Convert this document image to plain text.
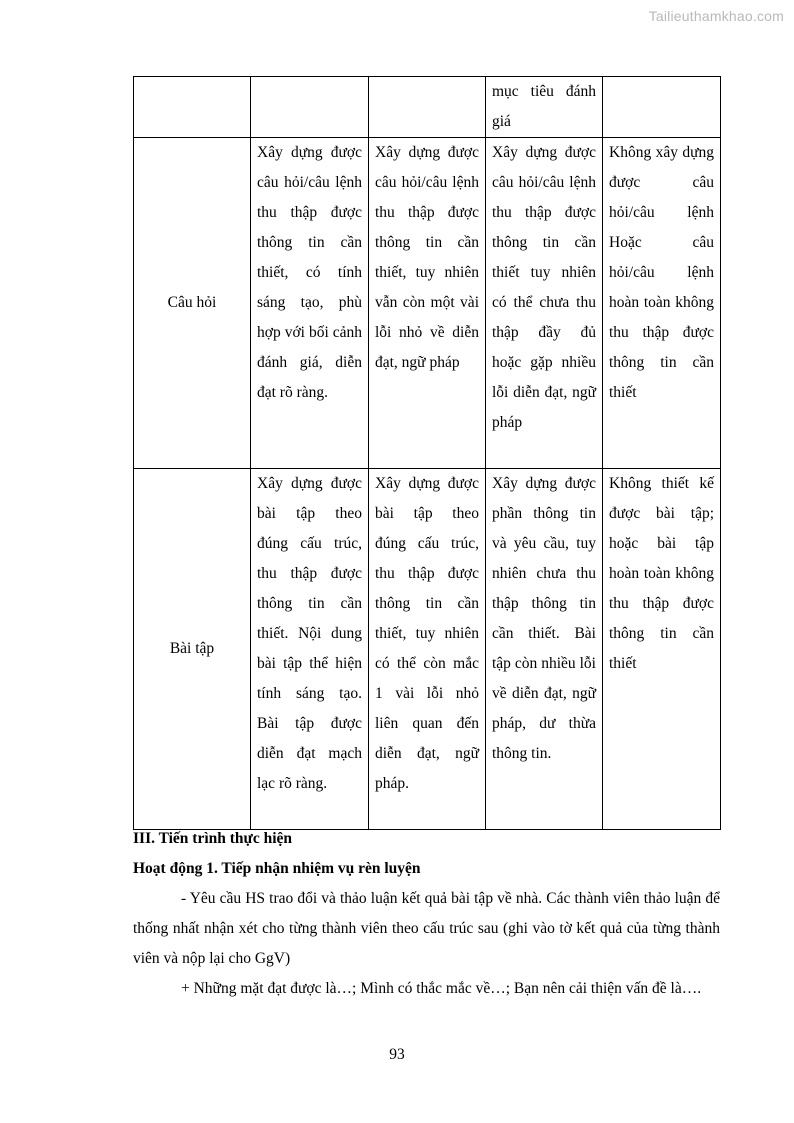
Tailieuthamkhao.com
			mục tiêu đánh giá	
Câu hỏi	Xây dựng được câu hỏi/câu lệnh thu thập được thông tin cần thiết, có tính sáng tạo, phù hợp với bối cảnh đánh giá, diễn đạt rõ ràng.	Xây dựng được câu hỏi/câu lệnh thu thập được thông tin cần thiết, tuy nhiên vẫn còn một vài lỗi nhỏ về diễn đạt, ngữ pháp	Xây dựng được câu hỏi/câu lệnh thu thập được thông tin cần thiết tuy nhiên có thể chưa thu thập đầy đủ hoặc gặp nhiều lỗi diễn đạt, ngữ pháp	Không xây dựng được câu hỏi/câu lệnh Hoặc câu hỏi/câu lệnh hoàn toàn không thu thập được thông tin cần thiết
Bài tập	Xây dựng được bài tập theo đúng cấu trúc, thu thập được thông tin cần thiết. Nội dung bài tập thể hiện tính sáng tạo. Bài tập được diễn đạt mạch lạc rõ ràng.	Xây dựng được bài tập theo đúng cấu trúc, thu thập được thông tin cần thiết, tuy nhiên có thể còn mắc 1 vài lỗi nhỏ liên quan đến diễn đạt, ngữ pháp.	Xây dựng được phần thông tin và yêu cầu, tuy nhiên chưa thu thập thông tin cần thiết. Bài tập còn nhiều lỗi về diễn đạt, ngữ pháp, dư thừa thông tin.	Không thiết kế được bài tập; hoặc bài tập hoàn toàn không thu thập được thông tin cần thiết
III. Tiến trình thực hiện
Hoạt động 1. Tiếp nhận nhiệm vụ rèn luyện
- Yêu cầu HS trao đổi và thảo luận kết quả bài tập về nhà. Các thành viên thảo luận để thống nhất nhận xét cho từng thành viên theo cấu trúc sau (ghi vào tờ kết quả của từng thành viên và nộp lại cho GgV)
+ Những mặt đạt được là…; Mình có thắc mắc về…; Bạn nên cải thiện vấn đề là….
93
